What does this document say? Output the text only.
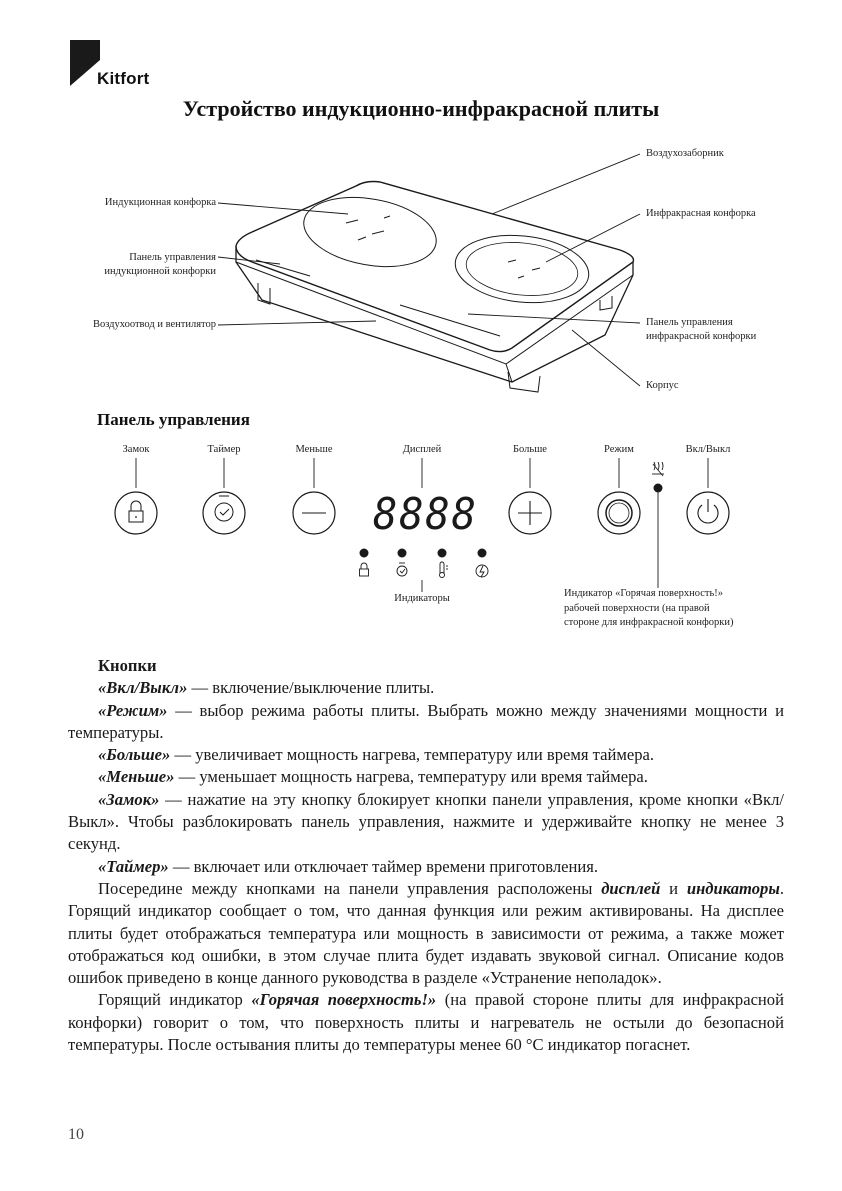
Kitfort
Устройство индукционно-инфракрасной плиты
Воздухозаборник
Индукционная конфорка
Инфракрасная конфорка
Панель управления
индукционной конфорки
Воздухоотвод и вентилятор	Панель управления
инфракрасной конфорки
Корпус
Панель управления
Замок	Таймер	Меньше	Дисплей	Больше	Режим	Вкл/Выкл
8888
Индикаторы	Индикатор «Горячая поверхность!»
рабочей поверхности (на правой
стороне для инфракрасной конфорки)
Кнопки

«Вкл/Выкл» — включение/выключение плиты.

«Режим» — выбор режима работы плиты. Выбрать можно между значениями мощности и температуры.

«Больше» — увеличивает мощность нагрева, температуру или время таймера.

«Меньше» — уменьшает мощность нагрева, температуру или время таймера.

«Замок» — нажатие на эту кнопку блокирует кнопки панели управления, кроме кнопки «Вкл/Выкл». Чтобы разблокировать панель управления, нажмите и удерживайте кнопку не менее 3 секунд.

«Таймер» — включает или отключает таймер времени приготовления.

Посередине между кнопками на панели управления расположены дисплей и индикаторы. Горящий индикатор сообщает о том, что данная функция или режим активированы. На дисплее плиты будет отображаться температура или мощность в зависимости от режима, а также может отображаться код ошибки, в этом случае плита будет издавать звуковой сигнал. Описание кодов ошибок приведено в конце данного руководства в разделе «Устранение неполадок».

Горящий индикатор «Горячая поверхность!» (на правой стороне плиты для инфракрасной конфорки) говорит о том, что поверхность плиты и нагреватель не остыли до безопасной температуры. После остывания плиты до температуры менее 60 °С индикатор погаснет.

10
